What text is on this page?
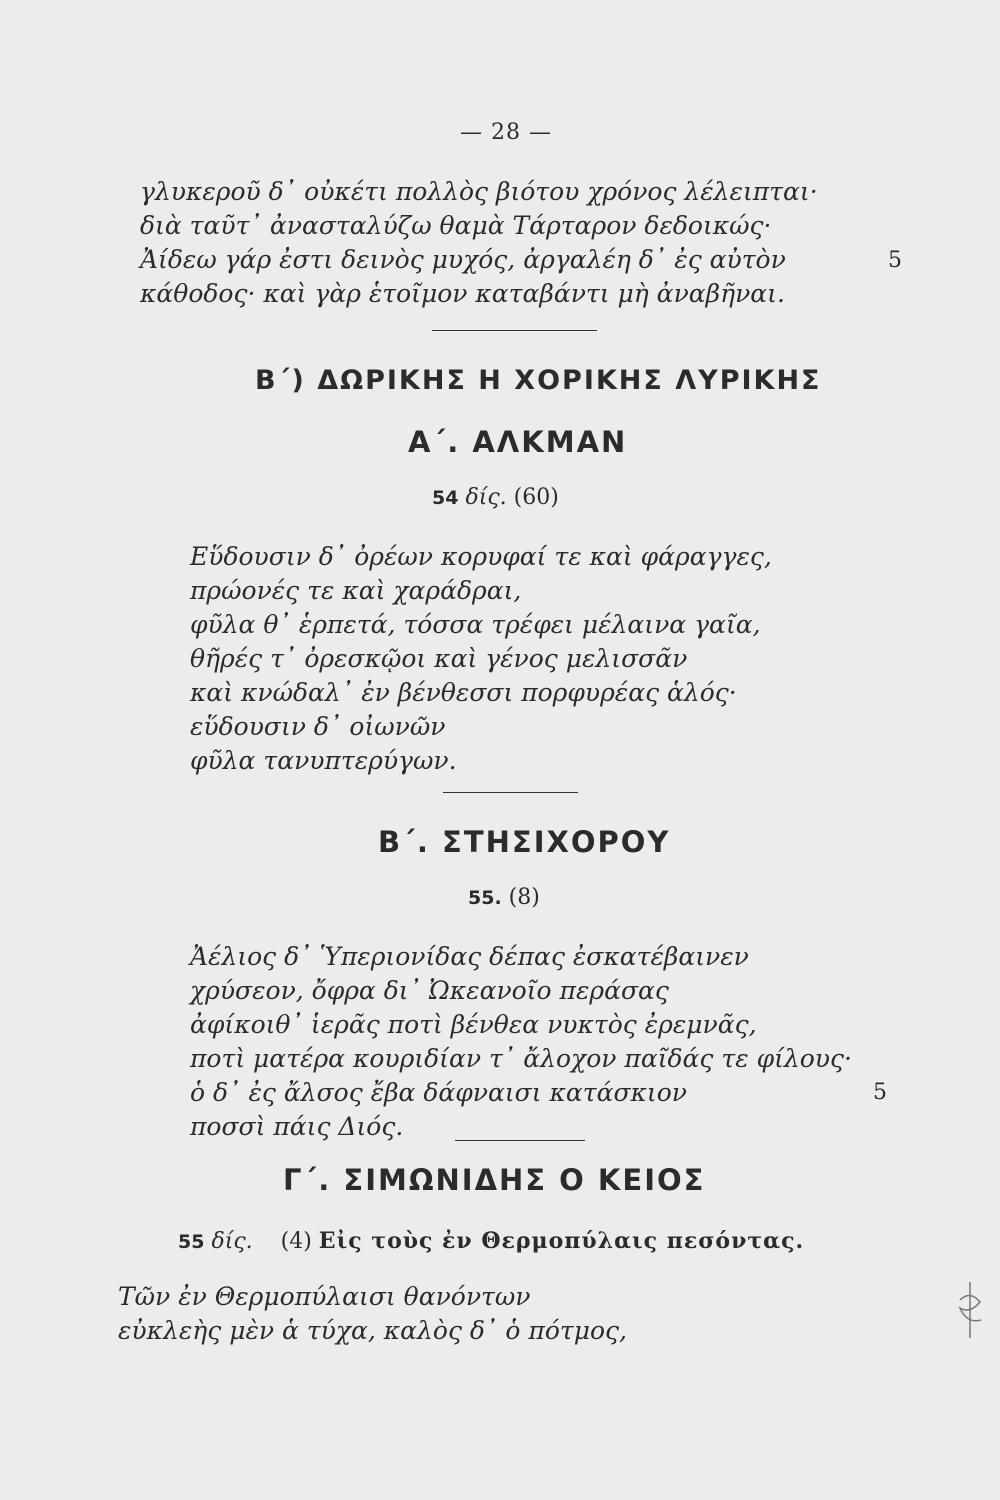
— 28 —
γλυκεροῦ δ᾽ οὐκέτι πολλὸς βιότου χρόνος λέλειπται·
διὰ ταῦτ᾽ ἀνασταλύζω θαμὰ Τάρταρον δεδοικώς·
Ἀίδεω γάρ ἐστι δεινὸς μυχός, ἀργαλέη δ᾽ ἐς αὐτὸν
κάθοδος· καὶ γὰρ ἑτοῖμον καταβάντι μὴ ἀναβῆναι.
5
Β΄) ΔΩΡΙΚΗΣ Η ΧΟΡΙΚΗΣ ΛΥΡΙΚΗΣ
Α΄. ΑΛΚΜΑΝ
54 δίς. (60)
Εὕδουσιν δ᾽ ὀρέων κορυφαί τε καὶ φάραγγες,
πρώονές τε καὶ χαράδραι,
φῦλα θ᾽ ἑρπετά, τόσσα τρέφει μέλαινα γαῖα,
θῆρές τ᾽ ὀρεσκῷοι καὶ γένος μελισσᾶν
καὶ κνώδαλ᾽ ἐν βένθεσσι πορφυρέας ἁλός·
εὕδουσιν δ᾽ οἰωνῶν
φῦλα τανυπτερύγων.
Β΄. ΣΤΗΣΙΧΟΡΟΥ
55. (8)
Ἀέλιος δ᾽ Ὑπεριονίδας δέπας ἐσκατέβαινεν
χρύσεον, ὄφρα δι᾽ Ὠκεανοῖο περάσας
ἀφίκοιθ᾽ ἱερᾶς ποτὶ βένθεα νυκτὸς ἐρεμνᾶς,
ποτὶ ματέρα κουριδίαν τ᾽ ἄλοχον παῖδάς τε φίλους·
ὁ δ᾽ ἐς ἄλσος ἔβα δάφναισι κατάσκιον
ποσσὶ πάις Διός.
5
Γ΄. ΣΙΜΩΝΙΔΗΣ Ο ΚΕΙΟΣ
55 δίς. (4) Εἰς τοὺς ἐν Θερμοπύλαις πεσόντας.
Τῶν ἐν Θερμοπύλαισι θανόντων
εὐκλεὴς μὲν ἁ τύχα, καλὸς δ᾽ ὁ πότμος,
